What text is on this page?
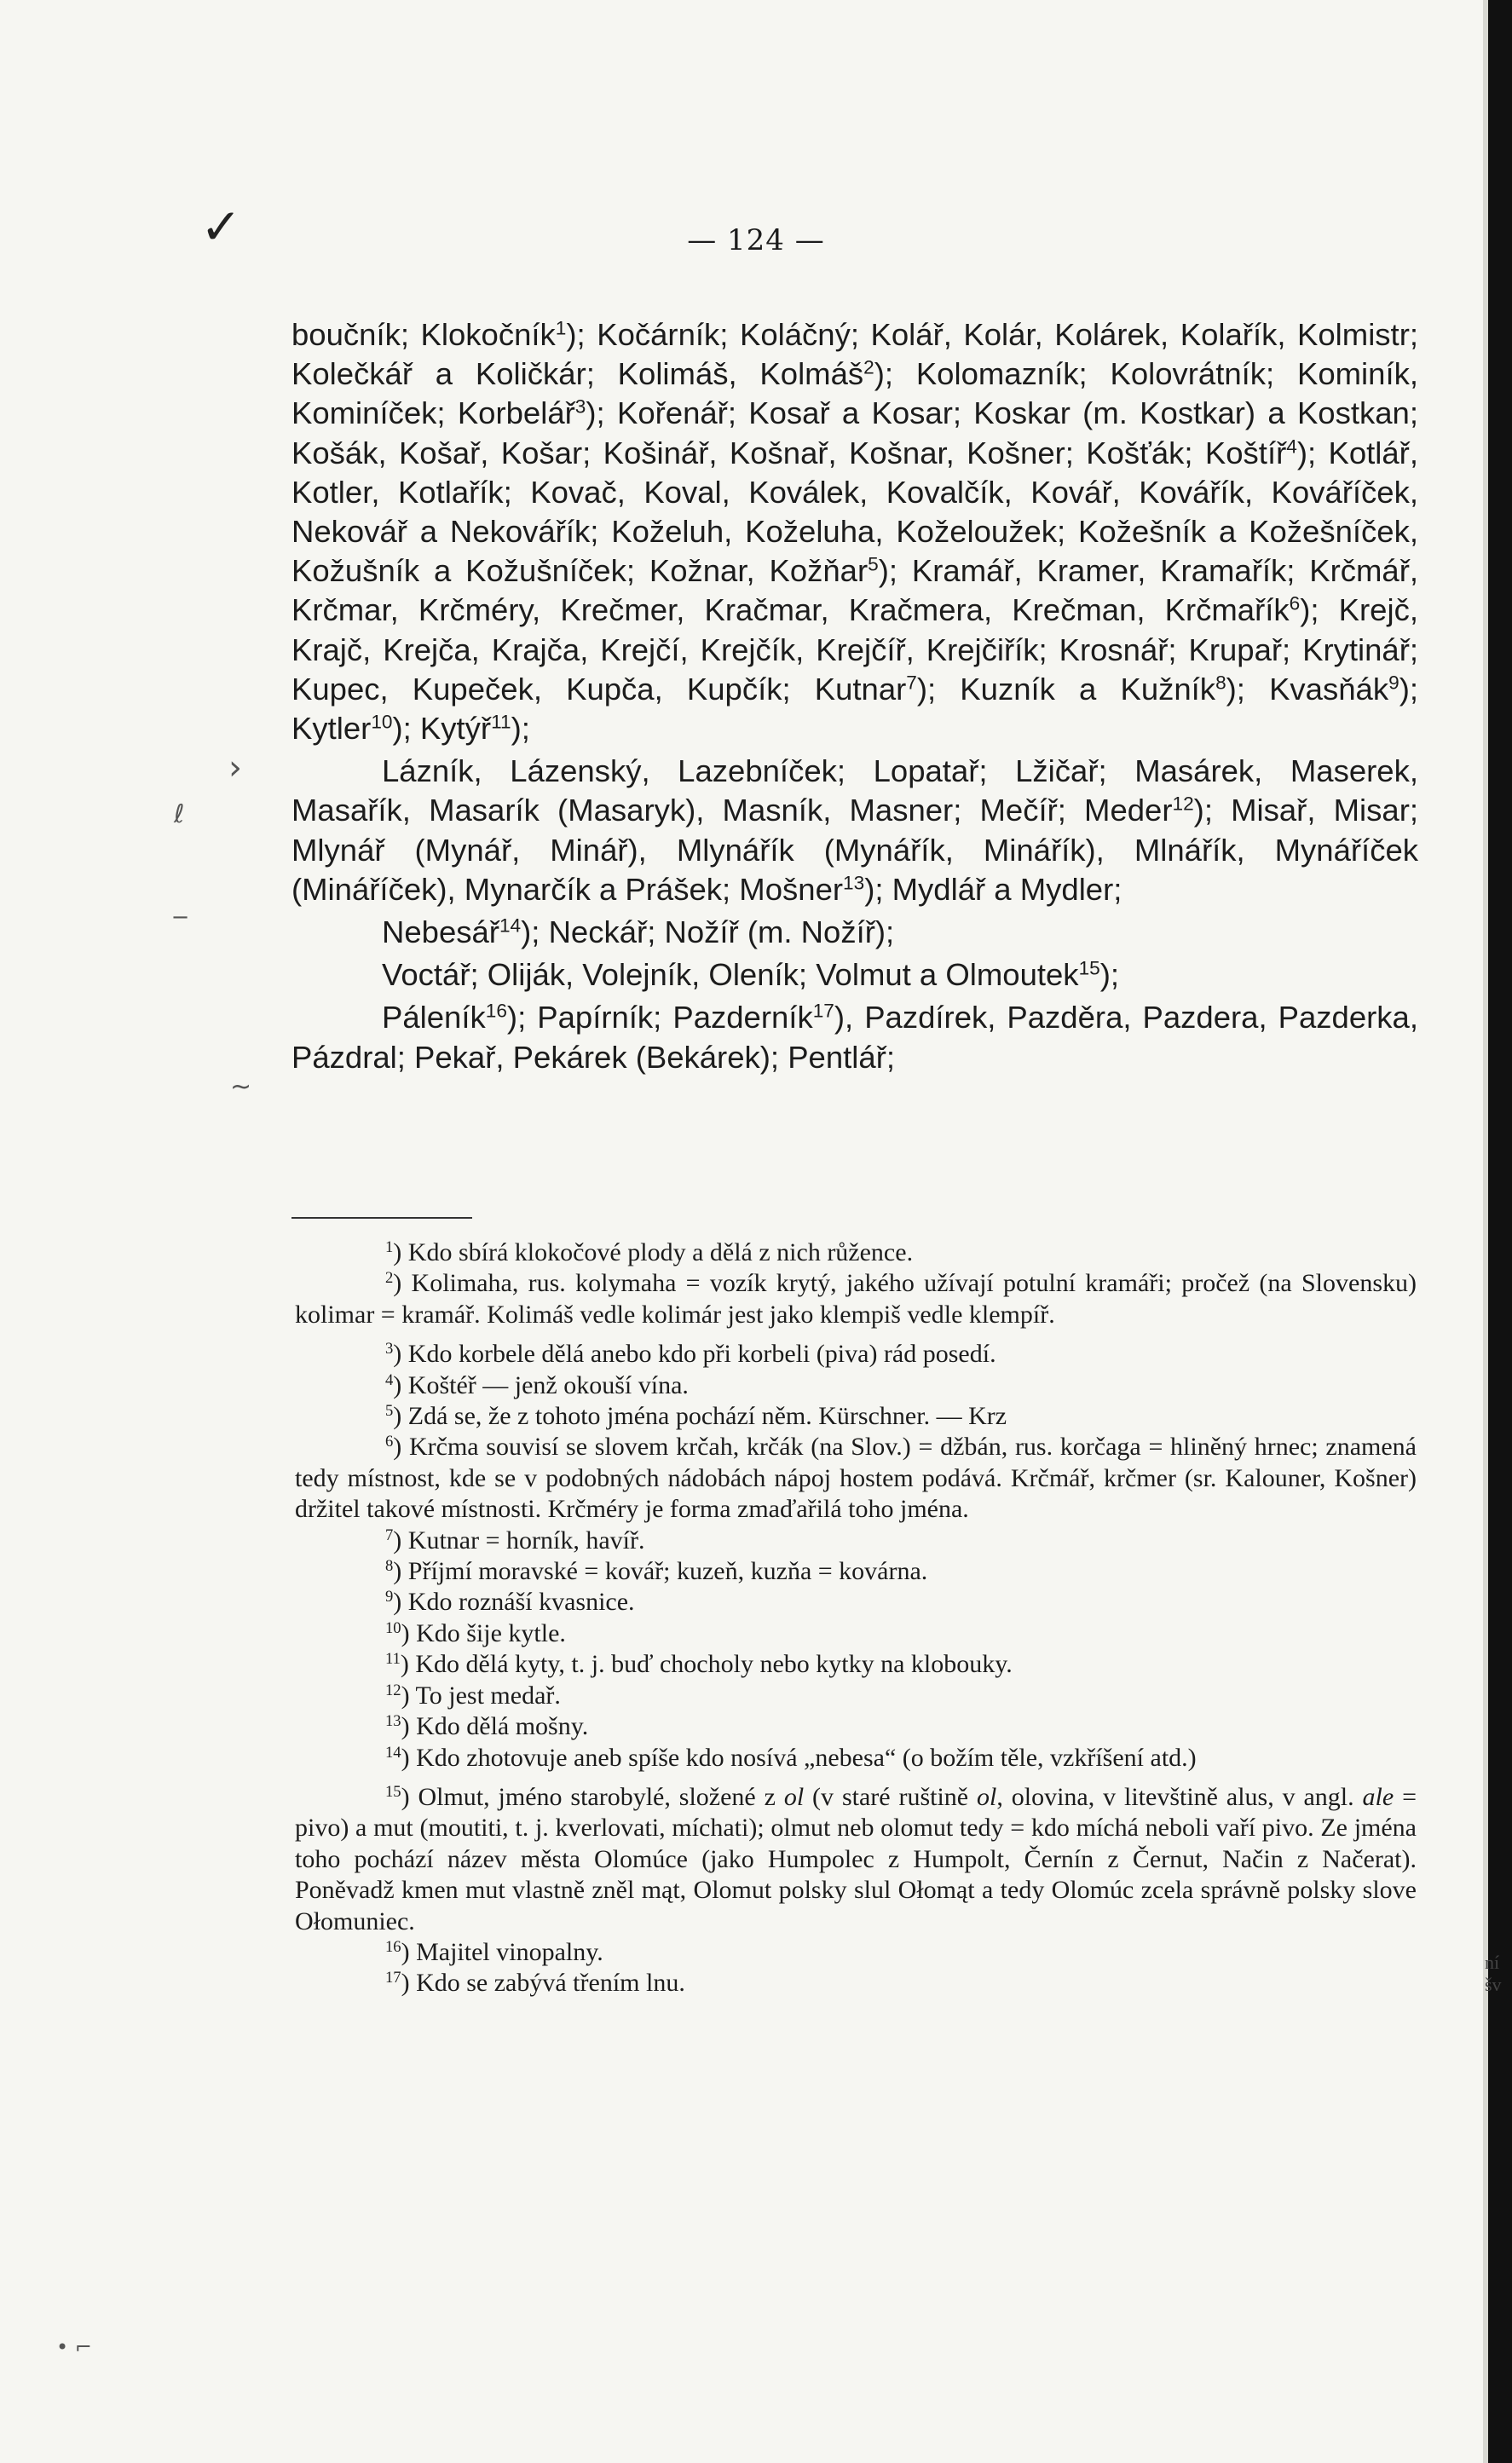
✓	— 124 —

boučník; Klokočník$^1$); Kočárník; Koláčný; Kolář, Kolár, Kolárek, Kolařík, Kolmistr; Kolečkář a Količkár; Kolimáš, Kolmáš$^2$); Kolomazník; Kolovrátník; Kominík, Kominíček; Korbelář$^3$); Kořenář; Kosař a Kosar; Koskar (m. Kostkar) a Kostkan; Košák, Košař, Košar; Košinář, Košnař, Košnar, Košner; Košťák; Koštíř$^4$); Kotlář, Kotler, Kotlařík; Kovač, Koval, Koválek, Kovalčík, Kovář, Kovářík, Kováříček, Nekovář a Nekovářík; Koželuh, Koželuha, Koželoužek; Kožešník a Kožešníček, Kožušník a Kožušníček; Kožnar, Kožňar$^5$); Kramář, Kramer, Kramařík; Krčmář, Krčmar, Krčméry, Krečmer, Kračmar, Kračmera, Krečman, Krčmařík$^6$); Krejč, Krajč, Krejča, Krajča, Krejčí, Krejčík, Krejčíř, Krejčiřík; Krosnář; Krupař; Krytinář; Kupec, Kupeček, Kupča, Kupčík; Kutnar$^7$); Kuzník a Kužník$^8$); Kvasňák$^9$); Kytler$^{10}$); Kytýř$^{11}$);

Lázník, Lázenský, Lazebníček; Lopatař; Lžičař; Masárek, Maserek, Masařík, Masarík (Masaryk), Masník, Masner; Mečíř; Meder$^{12}$); Misař, Misar; Mlynář (Mynář, Minář), Mlynářík (Mynářík, Minářík), Mlnářík, Mynáříček (Mináříček), Mynarčík a Prášek; Mošner$^{13}$); Mydlář a Mydler;

Nebesář$^{14}$); Neckář; Nožíř (m. Nožíř);

Voctář; Oliják, Volejník, Oleník; Volmut a Olmoutek$^{15}$);

Páleník$^{16}$); Papírník; Pazderník$^{17}$), Pazdírek, Pazděra, Pazdera, Pazderka, Pázdral; Pekař, Pekárek (Bekárek); Pentlář;

$^1$) Kdo sbírá klokočové plody a dělá z nich růžence.

$^2$) Kolimaha, rus. kolymaha = vozík krytý, jakého užívají potulní kramáři; pročež (na Slovensku) kolimar = kramář. Kolimáš vedle kolimár jest jako klempiš vedle klempíř.

$^3$) Kdo korbele dělá anebo kdo při korbeli (piva) rád posedí.

$^4$) Koštéř — jenž okouší vína.

$^5$) Zdá se, že z tohoto jména pochází něm. Kürschner. — Krz

$^6$) Krčma souvisí se slovem krčah, krčák (na Slov.) = džbán, rus. korčaga = hliněný hrnec; znamená tedy místnost, kde se v podobných nádobách nápoj hostem podává. Krčmář, krčmer (sr. Kalouner, Košner) držitel takové místnosti. Krčméry je forma zmaďařilá toho jména.

$^7$) Kutnar = horník, havíř.

$^8$) Příjmí moravské = kovář; kuzeň, kuzňa = kovárna.

$^9$) Kdo roznáší kvasnice.

$^{10}$) Kdo šije kytle.

$^{11}$) Kdo dělá kyty, t. j. buď chocholy nebo kytky na klobouky.

$^{12}$) To jest medař.

$^{13}$) Kdo dělá mošny.

$^{14}$) Kdo zhotovuje aneb spíše kdo nosívá „nebesa“ (o božím těle, vzkříšení atd.)

$^{15}$) Olmut, jméno starobylé, složené z ol (v staré ruštině ol, olovina, v litevštině alus, v angl. ale = pivo) a mut (moutiti, t. j. kverlovati, míchati); olmut neb olomut tedy = kdo míchá neboli vaří pivo. Ze jména toho pochází název města Olomúce (jako Humpolec z Humpolt, Černín z Černut, Način z Načerat). Poněvadž kmen mut vlastně zněl mąt, Olomut polsky slul Ołomąt a tedy Olomúc zcela správně polsky slove Ołomuniec.

$^{16}$) Majitel vinopalny.

$^{17}$) Kdo se zabývá třením lnu.

›
ℓ
‒
~
• ⌐
ní
šv
